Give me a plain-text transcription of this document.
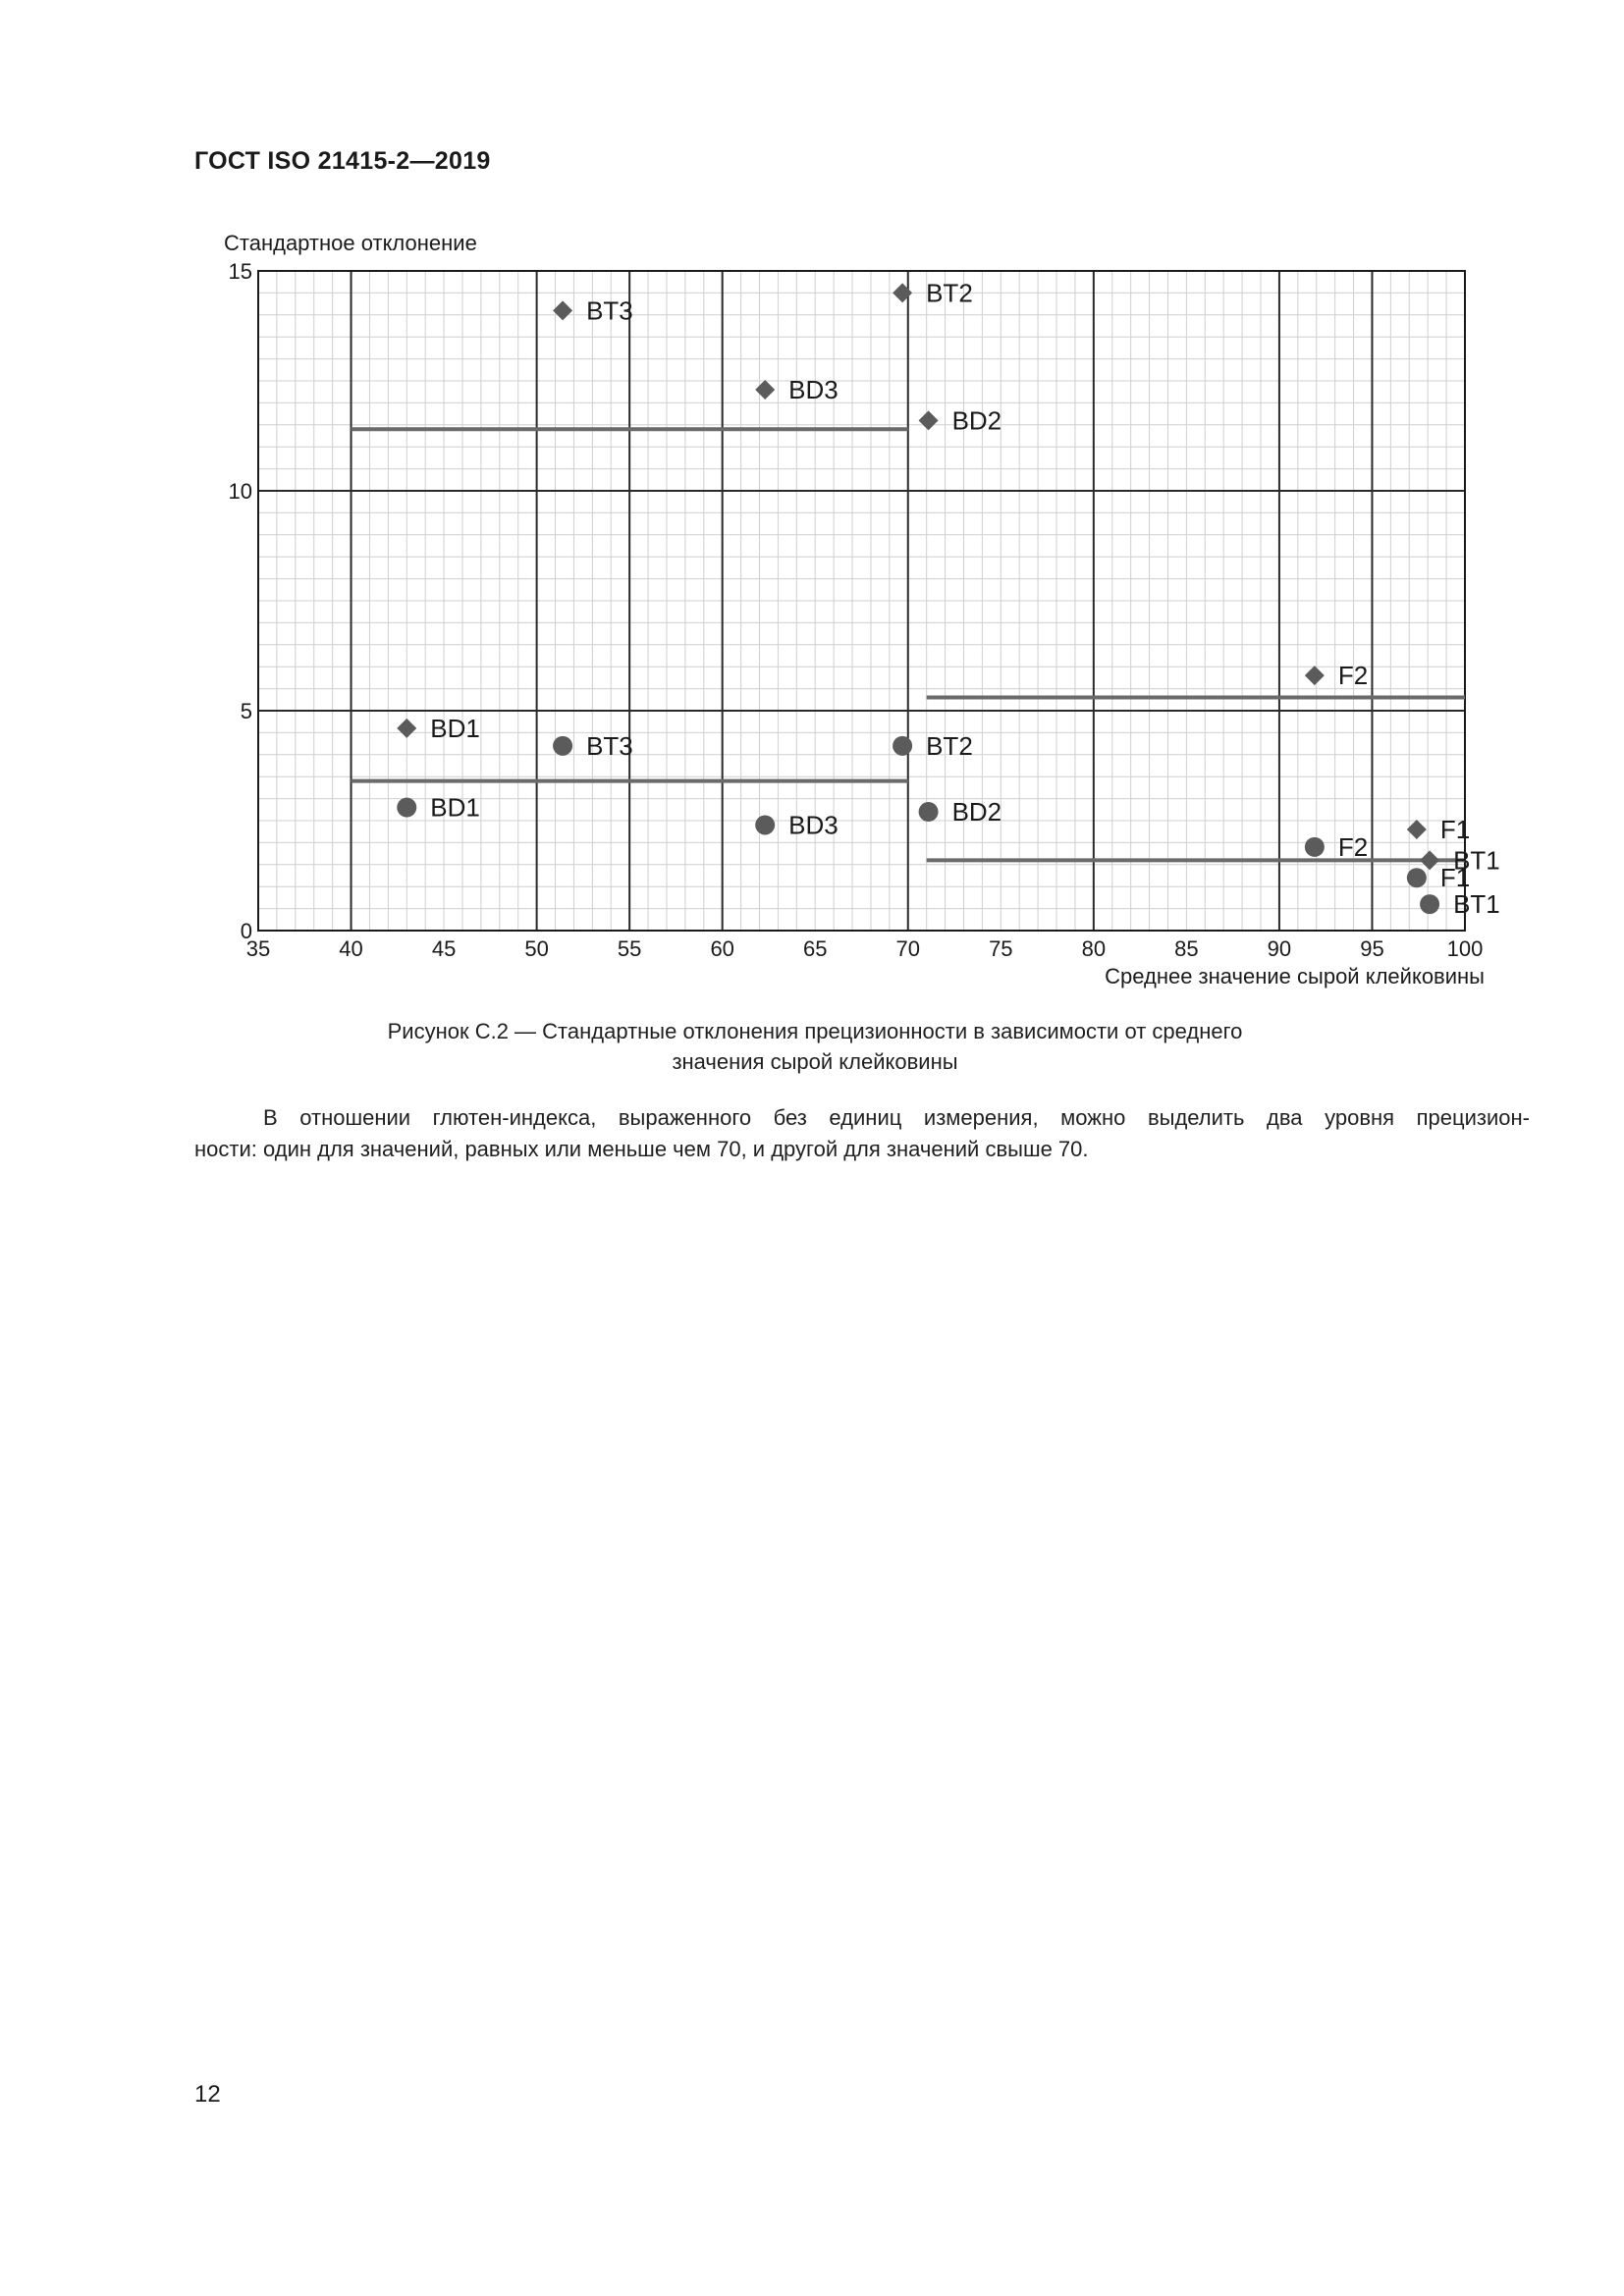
ГОСТ ISO 21415-2—2019
BT3
BT2
BD3
BD2
BD1
F2
F1
BT1
BT3	BT2
BD1
BD3	BD2
F2
F1
BT1
35	40	45	50	55	60	65	70	75	80	85	90	95	100
0
5
10
15
Стандартное отклонение
Среднее значение сырой клейковины
Рисунок С.2 — Стандартные отклонения прецизионности в зависимости от среднего
значения сырой клейковины

В отношении глютен-индекса, выраженного без единиц измерения, можно выделить два уровня прецизион-

ности: один для значений, равных или меньше чем 70, и другой для значений свыше 70.

12
